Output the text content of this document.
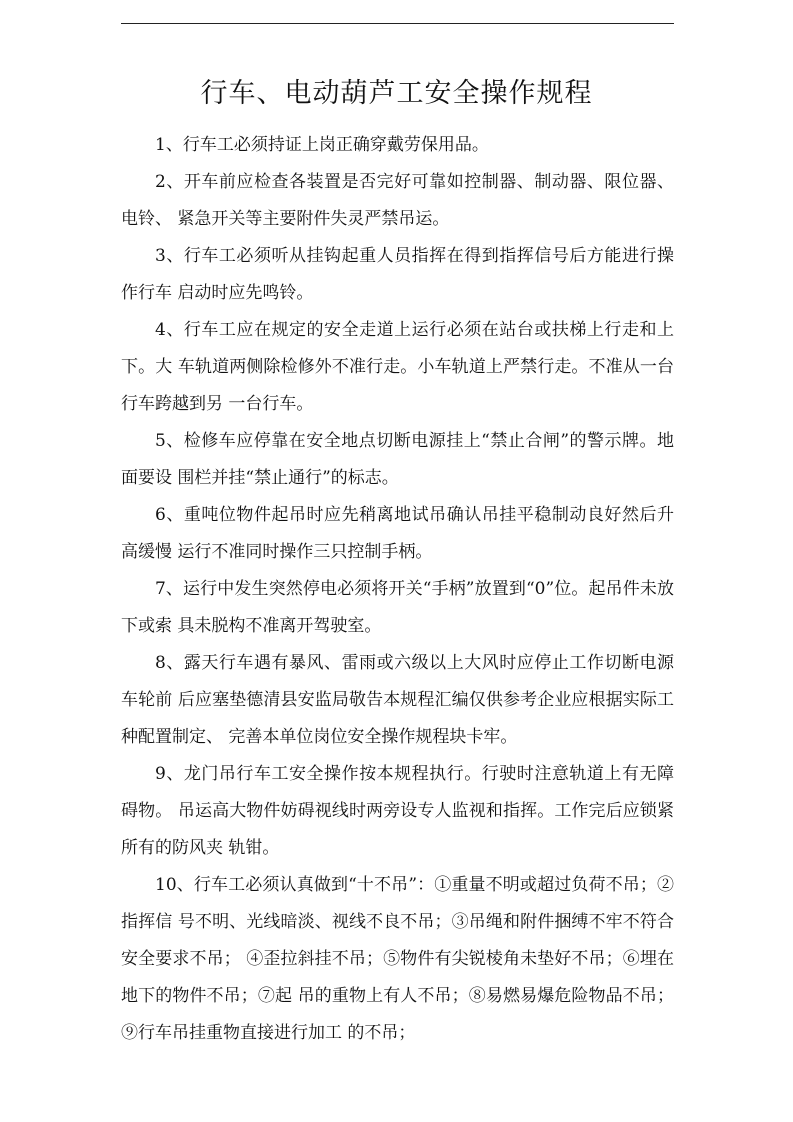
行车、电动葫芦工安全操作规程

1、行车工必须持证上岗正确穿戴劳保用品。

2、开车前应检查各装置是否完好可靠如控制器、制动器、限位器、电铃、 紧急开关等主要附件失灵严禁吊运。

3、行车工必须听从挂钩起重人员指挥在得到指挥信号后方能进行操作行车 启动时应先鸣铃。

4、行车工应在规定的安全走道上运行必须在站台或扶梯上行走和上下。大 车轨道两侧除检修外不准行走。小车轨道上严禁行走。不准从一台行车跨越到另 一台行车。

5、检修车应停靠在安全地点切断电源挂上“禁止合闸”的警示牌。地面要设 围栏并挂“禁止通行”的标志。

6、重吨位物件起吊时应先稍离地试吊确认吊挂平稳制动良好然后升高缓慢 运行不准同时操作三只控制手柄。

7、运行中发生突然停电必须将开关“手柄”放置到“0”位。起吊件未放下或索 具未脱构不准离开驾驶室。

8、露天行车遇有暴风、雷雨或六级以上大风时应停止工作切断电源车轮前 后应塞垫德清县安监局敬告本规程汇编仅供参考企业应根据实际工种配置制定、 完善本单位岗位安全操作规程块卡牢。

9、龙门吊行车工安全操作按本规程执行。行驶时注意轨道上有无障碍物。 吊运高大物件妨碍视线时两旁设专人监视和指挥。工作完后应锁紧所有的防风夹 轨钳。

10、行车工必须认真做到“十不吊”：①重量不明或超过负荷不吊；②指挥信 号不明、光线暗淡、视线不良不吊；③吊绳和附件捆缚不牢不符合安全要求不吊； ④歪拉斜挂不吊；⑤物件有尖锐棱角未垫好不吊；⑥埋在地下的物件不吊；⑦起 吊的重物上有人不吊；⑧易燃易爆危险物品不吊；⑨行车吊挂重物直接进行加工 的不吊；
